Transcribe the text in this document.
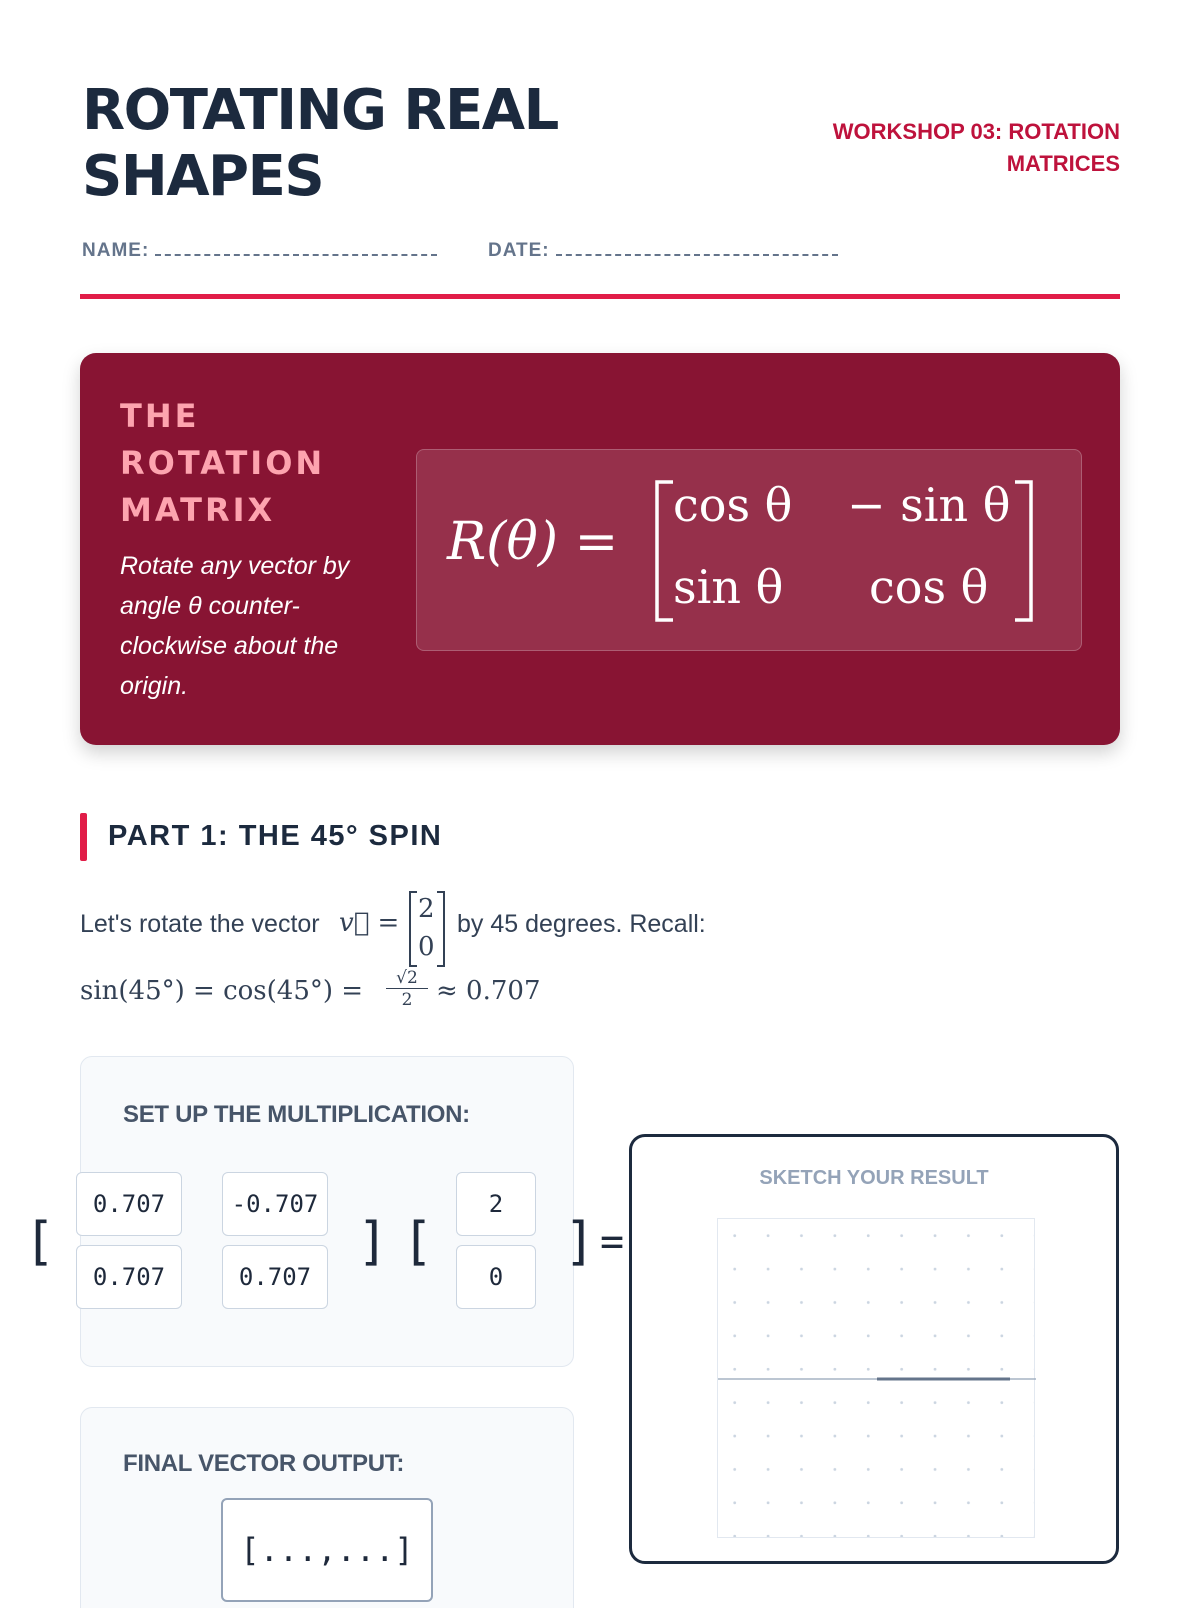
ROTATING REAL SHAPES
WORKSHOP 03: ROTATION MATRICES
NAME:	DATE:
THE ROTATION MATRIX
Rotate any vector by angle θ counter-clockwise about the origin.
R(θ) =
cos θ − sin θ
sin θ cos θ
PART 1: THE 45° SPIN
Let's rotate the vector v⃗ = 2
0
by 45 degrees. Recall:
sin(45°) = cos(45°) =	√2
2 ≈ 0.707
SET UP THE MULTIPLICATION:
[
0.707	-0.707
0.707	0.707
] [
2
0
] =
FINAL VECTOR OUTPUT:
[...,...]
SKETCH YOUR RESULT
